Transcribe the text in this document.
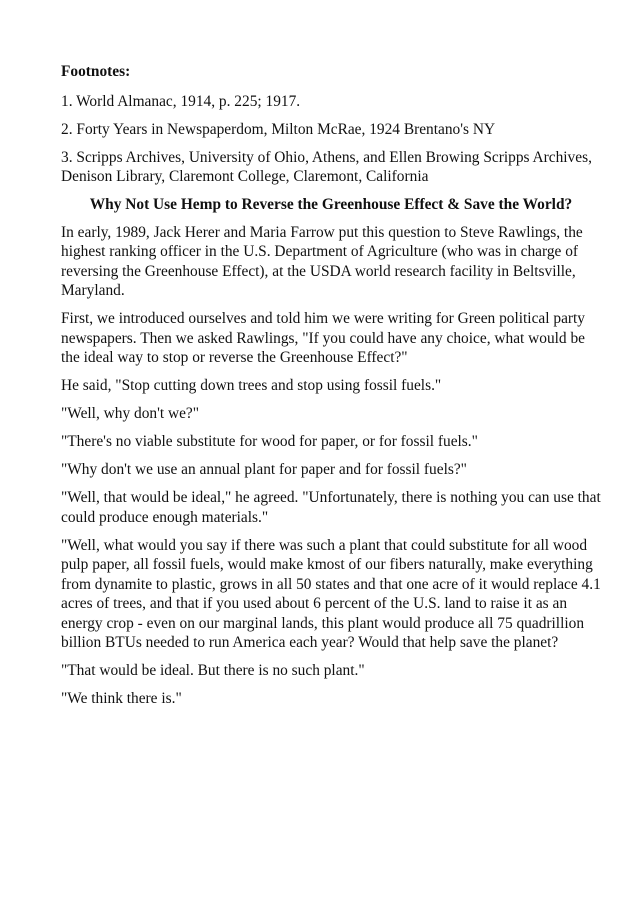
Footnotes:

1. World Almanac, 1914, p. 225; 1917.

2. Forty Years in Newspaperdom, Milton McRae, 1924 Brentano's NY

3. Scripps Archives, University of Ohio, Athens, and Ellen Browing Scripps Archives, Denison Library, Claremont College, Claremont, California

Why Not Use Hemp to Reverse the Greenhouse Effect & Save the World?

In early, 1989, Jack Herer and Maria Farrow put this question to Steve Rawlings, the highest ranking officer in the U.S. Department of Agriculture (who was in charge of reversing the Greenhouse Effect), at the USDA world research facility in Beltsville, Maryland.

First, we introduced ourselves and told him we were writing for Green political party newspapers. Then we asked Rawlings, "If you could have any choice, what would be the ideal way to stop or reverse the Greenhouse Effect?"

He said, "Stop cutting down trees and stop using fossil fuels."

"Well, why don't we?"

"There's no viable substitute for wood for paper, or for fossil fuels."

"Why don't we use an annual plant for paper and for fossil fuels?"

"Well, that would be ideal," he agreed. "Unfortunately, there is nothing you can use that could produce enough materials."

"Well, what would you say if there was such a plant that could substitute for all wood pulp paper, all fossil fuels, would make kmost of our fibers naturally, make everything from dynamite to plastic, grows in all 50 states and that one acre of it would replace 4.1 acres of trees, and that if you used about 6 percent of the U.S. land to raise it as an energy crop - even on our marginal lands, this plant would produce all 75 quadrillion billion BTUs needed to run America each year? Would that help save the planet?

"That would be ideal. But there is no such plant."

"We think there is."
